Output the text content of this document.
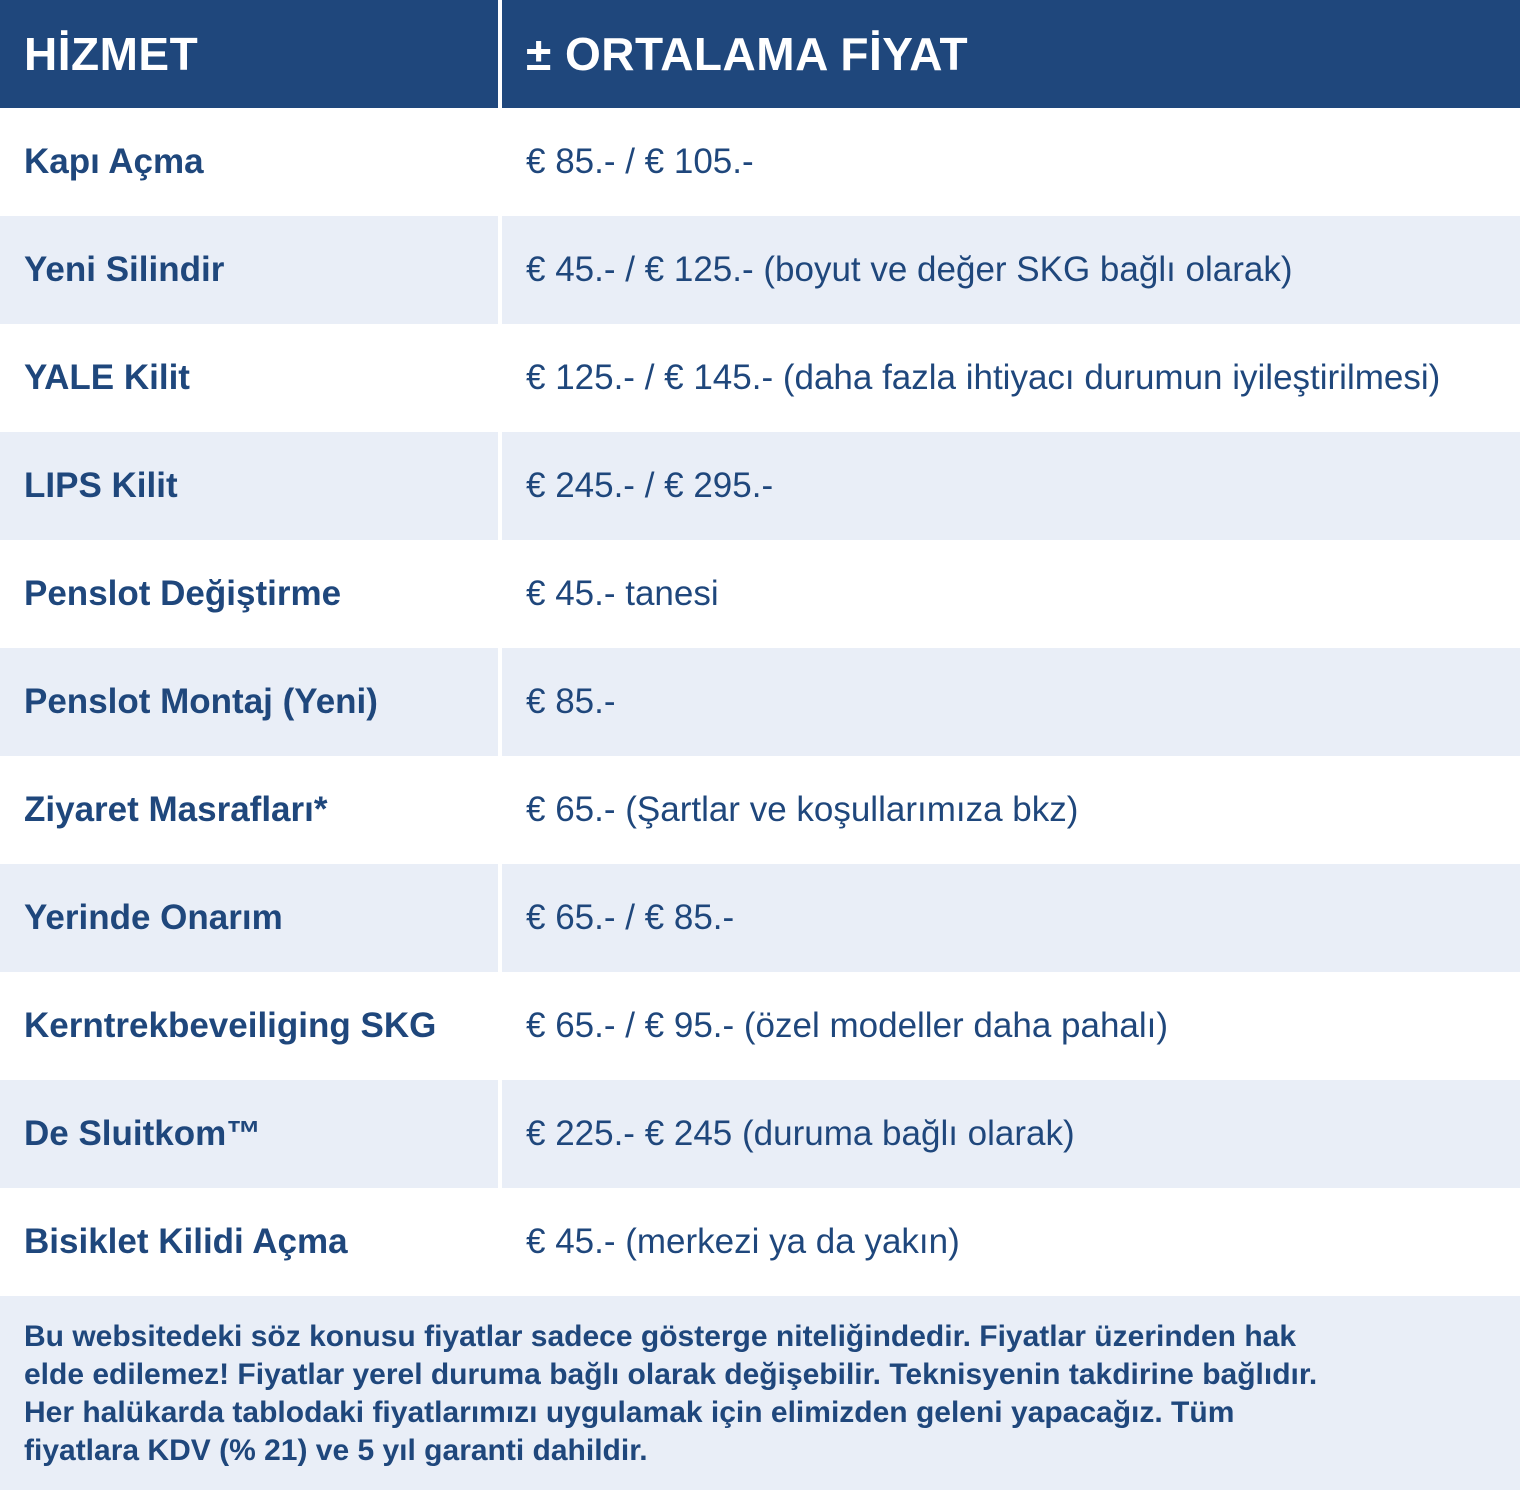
HİZMET	± ORTALAMA FİYAT
Kapı Açma	€ 85.- / € 105.-
Yeni Silindir	€ 45.- / € 125.- (boyut ve değer SKG bağlı olarak)
YALE Kilit	€ 125.- / € 145.- (daha fazla ihtiyacı durumun iyileştirilmesi)
LIPS Kilit	€ 245.- / € 295.-
Penslot Değiştirme	€ 45.- tanesi
Penslot Montaj (Yeni)	€ 85.-
Ziyaret Masrafları*	€ 65.- (Şartlar ve koşullarımıza bkz)
Yerinde Onarım	€ 65.- / € 85.-
Kerntrekbeveiliging SKG	€ 65.- / € 95.- (özel modeller daha pahalı)
De Sluitkom™	€ 225.- € 245 (duruma bağlı olarak)
Bisiklet Kilidi Açma	€ 45.- (merkezi ya da yakın)
Bu websitedeki söz konusu fiyatlar sadece gösterge niteliğindedir. Fiyatlar üzerinden hak
elde edilemez! Fiyatlar yerel duruma bağlı olarak değişebilir. Teknisyenin takdirine bağlıdır.
Her halükarda tablodaki fiyatlarımızı uygulamak için elimizden geleni yapacağız. Tüm
fiyatlara KDV (% 21) ve 5 yıl garanti dahildir.
